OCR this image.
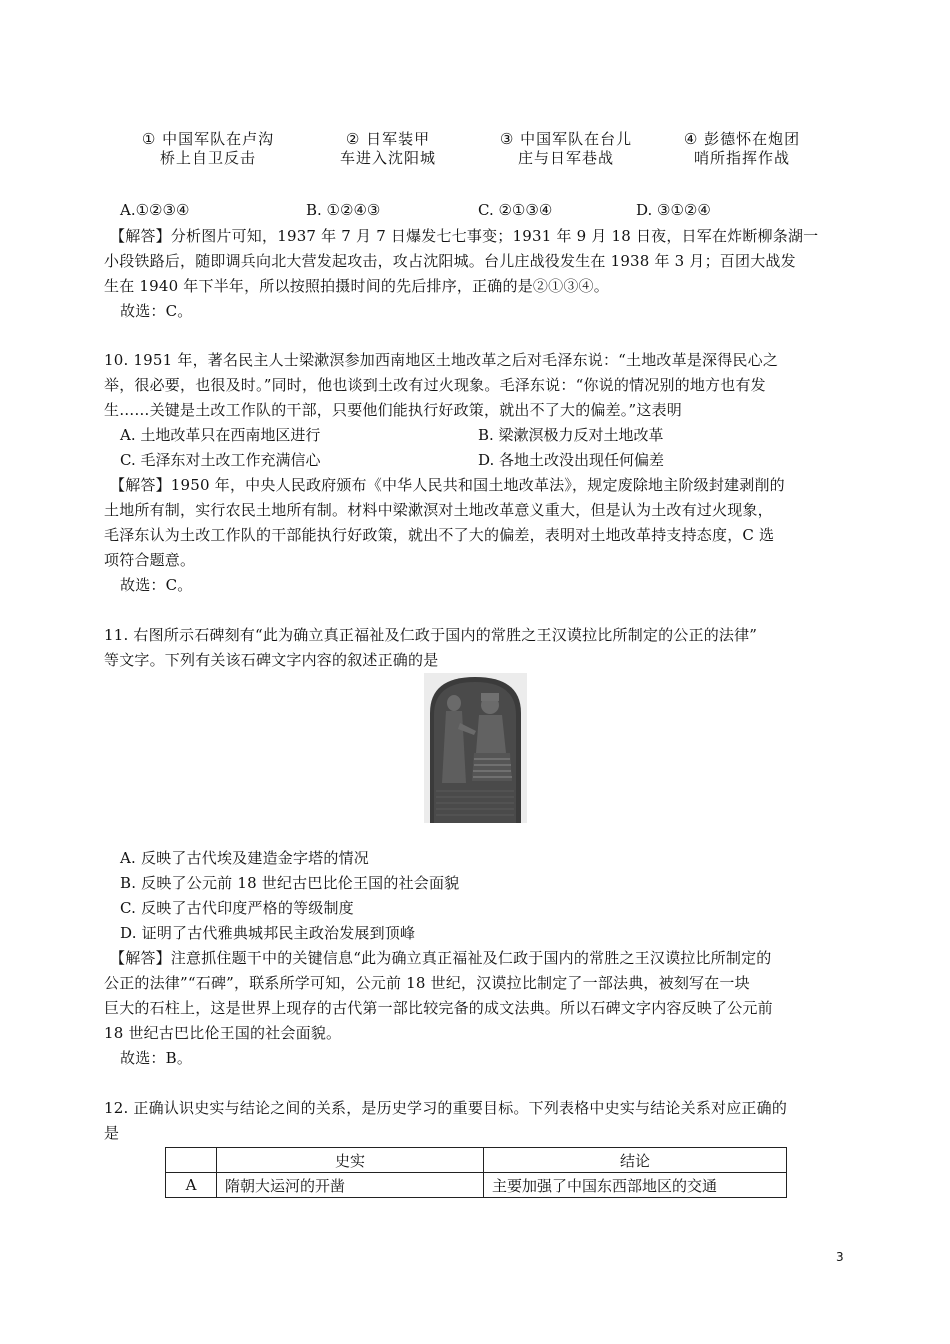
① 中国军队在卢沟
桥上自卫反击
② 日军装甲
车进入沈阳城
③ 中国军队在台儿
庄与日军巷战
④ 彭德怀在炮团
哨所指挥作战
A.①②③④	B. ①②④③	C. ②①③④	D. ③①②④
【解答】分析图片可知，1937 年 7 月 7 日爆发七七事变；1931 年 9 月 18 日夜，日军在炸断柳条湖一
小段铁路后，随即调兵向北大营发起攻击，攻占沈阳城。台儿庄战役发生在 1938 年 3 月；百团大战发
生在 1940 年下半年，所以按照拍摄时间的先后排序，正确的是②①③④。
故选：C。
10. 1951 年，著名民主人士梁漱溟参加西南地区土地改革之后对毛泽东说：“土地改革是深得民心之
举，很必要，也很及时。”同时，他也谈到土改有过火现象。毛泽东说：“你说的情况别的地方也有发
生……关键是土改工作队的干部，只要他们能执行好政策，就出不了大的偏差。”这表明
A. 土地改革只在西南地区进行	B. 梁漱溟极力反对土地改革
C. 毛泽东对土改工作充满信心	D. 各地土改没出现任何偏差
【解答】1950 年，中央人民政府颁布《中华人民共和国土地改革法》，规定废除地主阶级封建剥削的
土地所有制，实行农民土地所有制。材料中梁漱溟对土地改革意义重大，但是认为土改有过火现象，
毛泽东认为土改工作队的干部能执行好政策，就出不了大的偏差，表明对土地改革持支持态度，C 选
项符合题意。
故选：C。
11. 右图所示石碑刻有“此为确立真正福祉及仁政于国内的常胜之王汉谟拉比所制定的公正的法律”
等文字。下列有关该石碑文字内容的叙述正确的是
A. 反映了古代埃及建造金字塔的情况
B. 反映了公元前 18 世纪古巴比伦王国的社会面貌
C. 反映了古代印度严格的等级制度
D. 证明了古代雅典城邦民主政治发展到顶峰
【解答】注意抓住题干中的关键信息“此为确立真正福祉及仁政于国内的常胜之王汉谟拉比所制定的
公正的法律”“石碑”，联系所学可知，公元前 18 世纪，汉谟拉比制定了一部法典，被刻写在一块
巨大的石柱上，这是世界上现存的古代第一部比较完备的成文法典。所以石碑文字内容反映了公元前
18 世纪古巴比伦王国的社会面貌。
故选：B。
12. 正确认识史实与结论之间的关系，是历史学习的重要目标。下列表格中史实与结论关系对应正确的
是
	史实	结论
A	隋朝大运河的开凿	主要加强了中国东西部地区的交通
3
